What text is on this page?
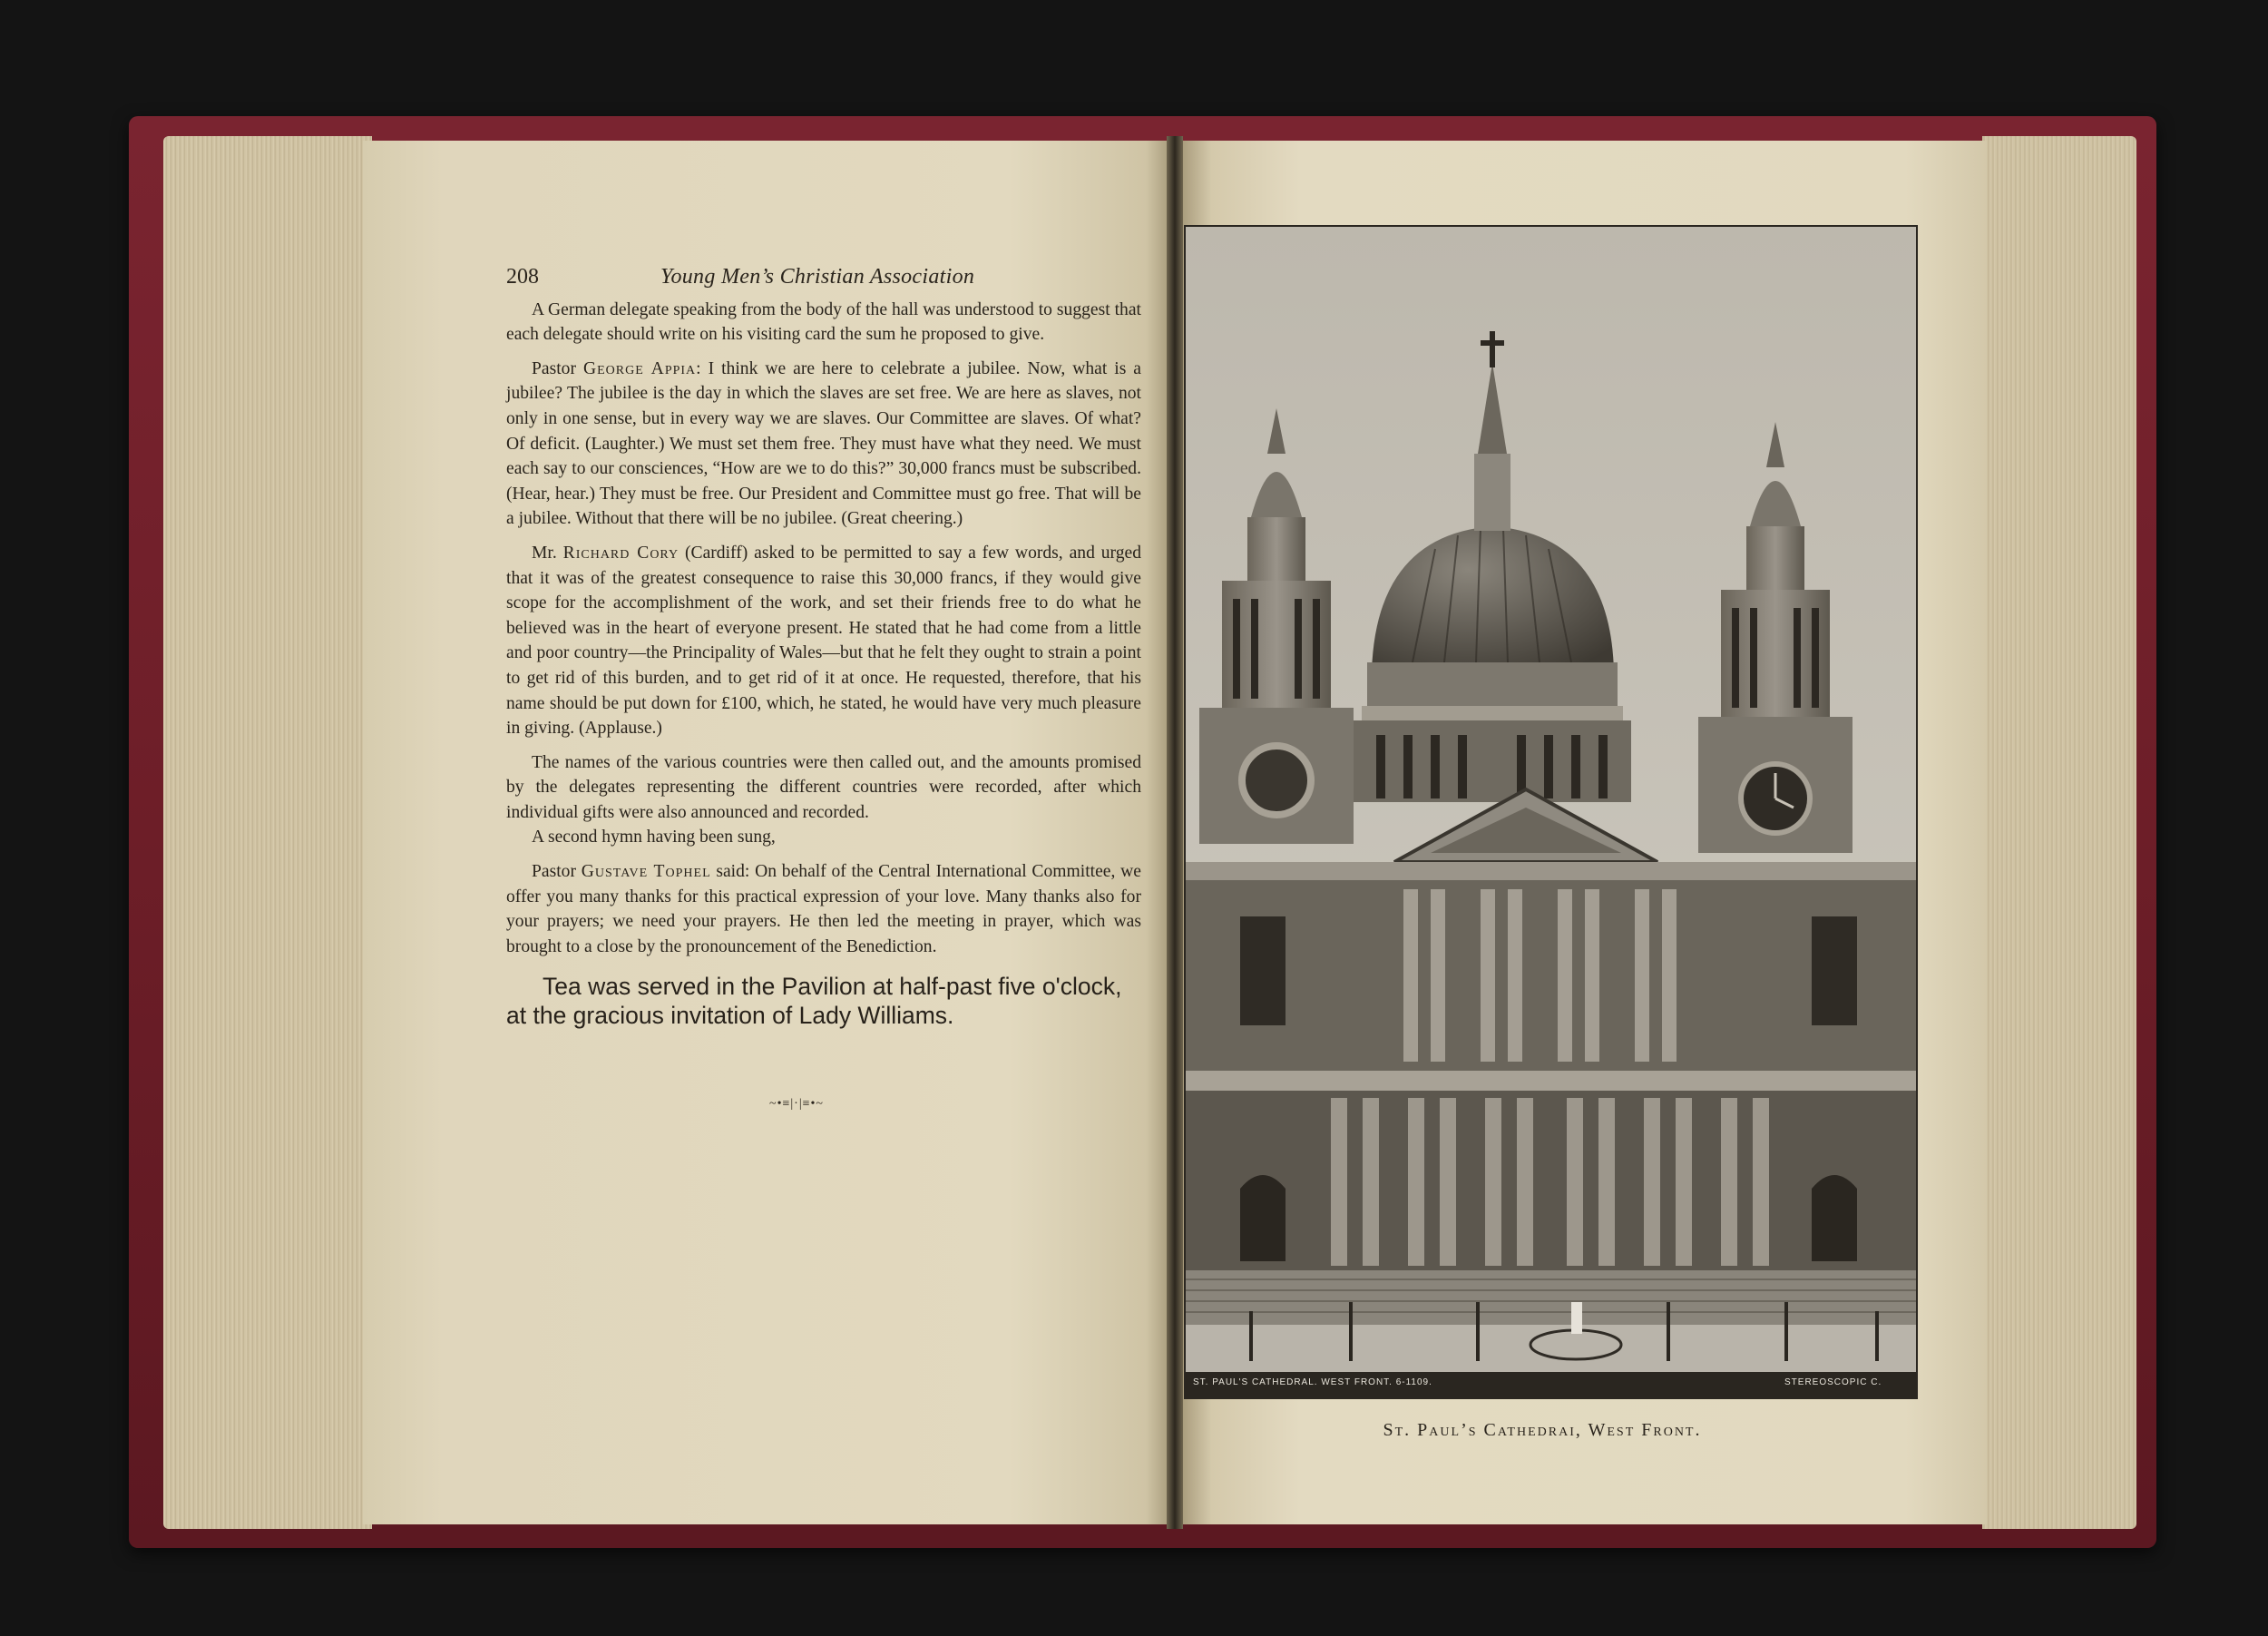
208	Young Men’s Christian Association

A German delegate speaking from the body of the hall was understood to suggest that each delegate should write on his visiting card the sum he proposed to give.

Pastor George Appia: I think we are here to celebrate a jubilee. Now, what is a jubilee? The jubilee is the day in which the slaves are set free. We are here as slaves, not only in one sense, but in every way we are slaves. Our Committee are slaves. Of what? Of deficit. (Laughter.) We must set them free. They must have what they need. We must each say to our consciences, “How are we to do this?” 30,000 francs must be subscribed. (Hear, hear.) They must be free. Our President and Committee must go free. That will be a jubilee. Without that there will be no jubilee. (Great cheering.)

Mr. Richard Cory (Cardiff) asked to be permitted to say a few words, and urged that it was of the greatest consequence to raise this 30,000 francs, if they would give scope for the accomplishment of the work, and set their friends free to do what he believed was in the heart of everyone present. He stated that he had come from a little and poor country—the Principality of Wales—but that he felt they ought to strain a point to get rid of this burden, and to get rid of it at once. He requested, therefore, that his name should be put down for £100, which, he stated, he would have very much pleasure in giving. (Applause.)

The names of the various countries were then called out, and the amounts promised by the delegates representing the different countries were recorded, after which individual gifts were also announced and recorded.

A second hymn having been sung,

Pastor Gustave Tophel said: On behalf of the Central International Committee, we offer you many thanks for this practical expression of your love. Many thanks also for your prayers; we need your prayers. He then led the meeting in prayer, which was brought to a close by the pronouncement of the Benediction.

Tea was served in the Pavilion at half-past five o'clock, at the gracious invitation of Lady Williams.
~•≡|·|≡•~
ST. PAUL'S CATHEDRAL. WEST FRONT. 6-1109.	STEREOSCOPIC C.
St. Paul’s Cathedrai, West Front.
